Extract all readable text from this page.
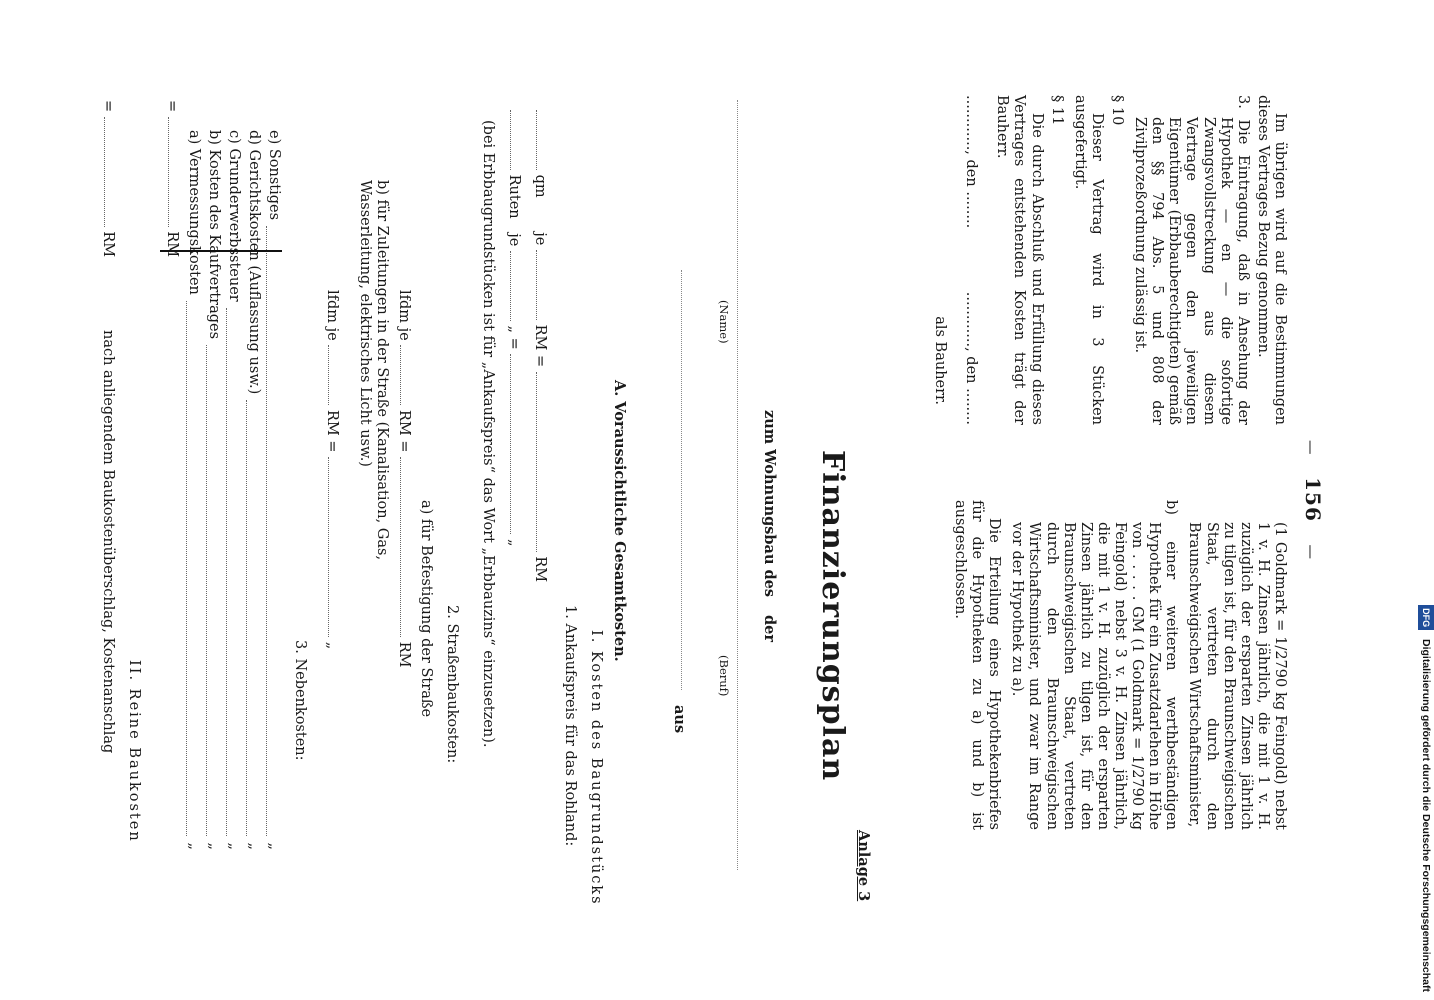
— 156 —

Im übrigen wird auf die Bestimmungen dieses Vertrages Bezug genommen.

3. Die Eintragung, daß in Ansehung der Hypothek — en — die sofortige Zwangsvollstreckung aus diesem Vertrage gegen den jeweiligen Eigentümer (Erbbauberechtigten) gemäß den §§ 794 Abs. 5 und 808 der Zivilprozeßordnung zulässig ist.

§ 10

Dieser Vertrag wird in 3 Stücken ausgefertigt.

§ 11

Die durch Abschluß und Erfüllung dieses Vertrages entstehenden Kosten trägt der Bauherr.

............, den ........
............, den ........
als Bauherr.

(1 Goldmark = 1/2790 kg Feingold) nebst 1 v. H. Zinsen jährlich, die mit 1 v. H. zuzüglich der ersparten Zinsen jährlich zu tilgen ist, für den Braunschweigischen Staat, vertreten durch den Braunschweigischen Wirtschaftsminister,

b) einer weiteren werthbeständigen Hypothek für ein Zusatzdarlehen in Höhe von . . . . . GM (1 Goldmark = 1/2790 kg Feingold) nebst 3 v. H. Zinsen jährlich, die mit 1 v. H. zuzüglich der ersparten Zinsen jährlich zu tilgen ist, für den Braunschweigischen Staat, vertreten durch den Braunschweigischen Wirtschaftsminister, und zwar im Range vor der Hypothek zu a).

Die Erteilung eines Hypothekenbriefes für die Hypotheken zu a) und b) ist ausgeschlossen.

Anlage 3
Finanzierungsplan
zum Wohnungsbau des
der
(Name)
(Beruf)
aus
A. Voraussichtliche Gesamtkosten.
I. Kosten des Baugrundstücks
1. Ankaufspreis für das Rohland:
qm je  RM =  RM
Ruten je  „ =  „
(bei Erbbaugrundstücken ist für „Ankaufspreis“ das Wort „Erbbauzins“ einzusetzen).
2. Straßenbaukosten:
a) für Befestigung der Straße
lfdm je  RM =  RM
b) für Zuleitungen in der Straße (Kanalisation, Gas, Wasserleitung, elektrisches Licht usw.)
lfdm je  RM =  „
3. Nebenkosten:
e) Sonstiges
„
d) Gerichtskosten (Auflassung usw.)
„
c) Grunderwerbssteuer
„
b) Kosten des Kaufvertrages
„
a) Vermessungskosten
„
=  RM
II. Reine Baukosten
nach anliegendem Baukostenüberschlag, Kostenanschlag
=  RM
DFG Digitalisierung gefördert durch die Deutsche Forschungsgemeinschaft
